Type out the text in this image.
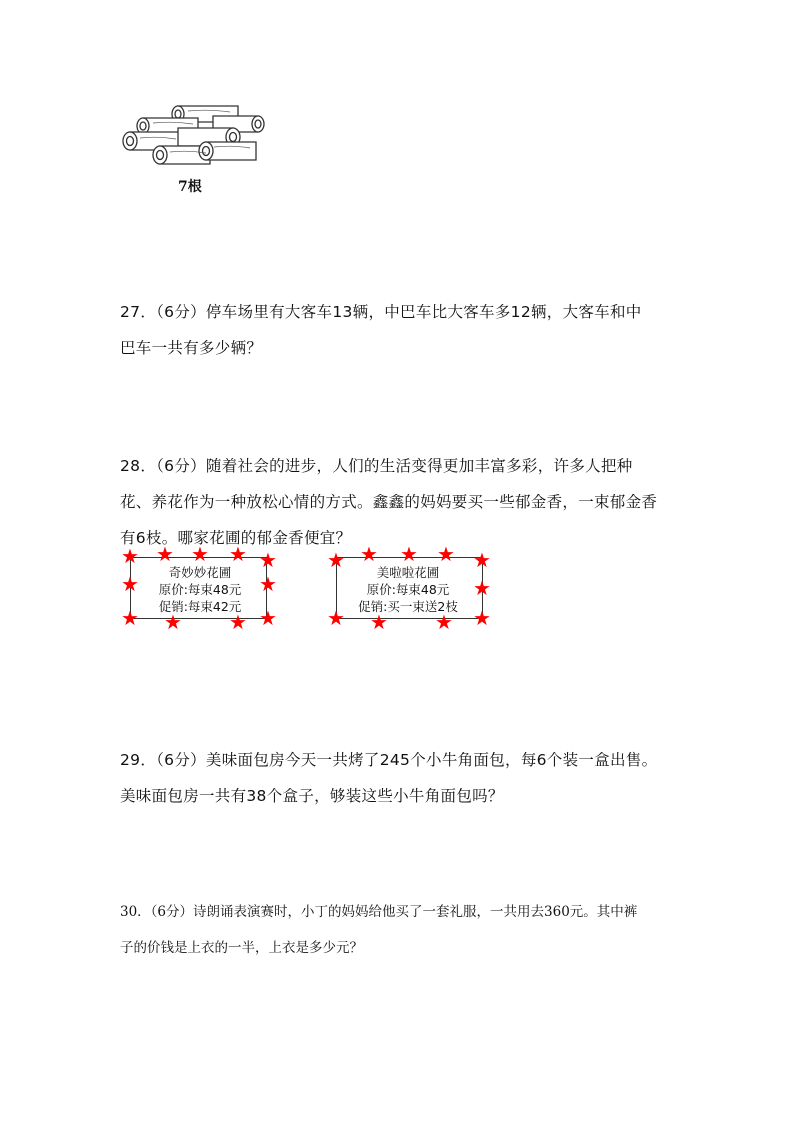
7根
27．（6分）停车场里有大客车13辆，中巴车比大客车多12辆，大客车和中
巴车一共有多少辆？
28．（6分）随着社会的进步，人们的生活变得更加丰富多彩，许多人把种
花、养花作为一种放松心情的方式。鑫鑫的妈妈要买一些郁金香，一束郁金香
有6枝。哪家花圃的郁金香便宜？
奇妙妙花圃
原价:每束48元
促销:每束42元
★ ★ ★ ★ ★
★	★
★ ★ ★ ★
美啦啦花圃
原价:每束48元
促销:买一束送2枝
★ ★ ★ ★ ★
★
★ ★ ★ ★
29．（6分）美味面包房今天一共烤了245个小牛角面包，每6个装一盒出售。
美味面包房一共有38个盒子，够装这些小牛角面包吗？
30．（6分）诗朗诵表演赛时，小丁的妈妈给他买了一套礼服，一共用去360元。其中裤
子的价钱是上衣的一半，上衣是多少元？
